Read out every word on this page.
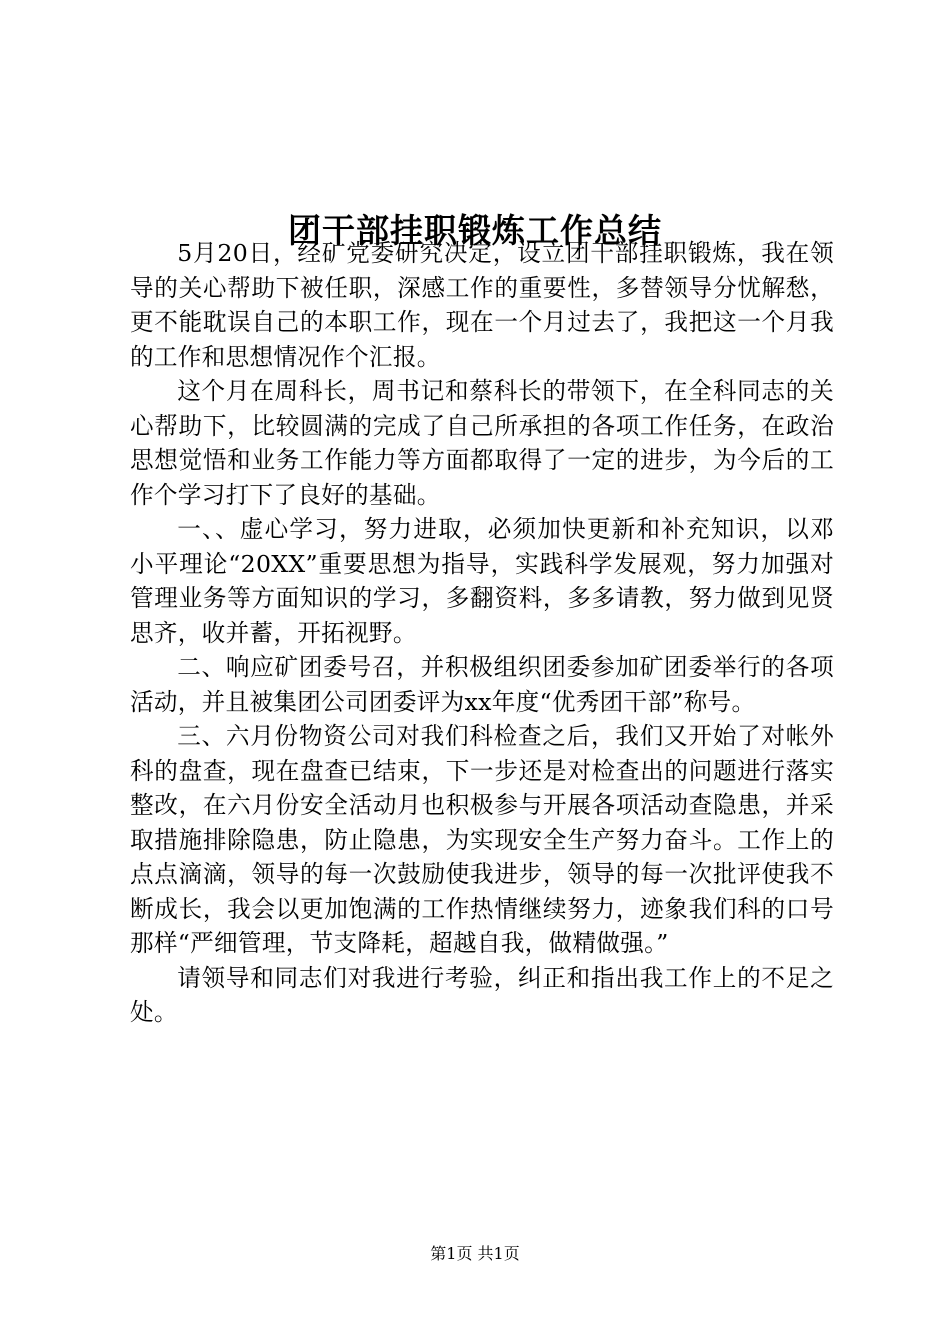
团干部挂职锻炼工作总结

5月20日，经矿党委研究决定，设立团干部挂职锻炼，我在领导的关心帮助下被任职，深感工作的重要性，多替领导分忧解愁，更不能耽误自己的本职工作，现在一个月过去了，我把这一个月我的工作和思想情况作个汇报。

这个月在周科长，周书记和蔡科长的带领下，在全科同志的关心帮助下，比较圆满的完成了自己所承担的各项工作任务，在政治思想觉悟和业务工作能力等方面都取得了一定的进步，为今后的工作个学习打下了良好的基础。

一、、虚心学习，努力进取，必须加快更新和补充知识，以邓小平理论“20XX”重要思想为指导，实践科学发展观，努力加强对管理业务等方面知识的学习，多翻资料，多多请教，努力做到见贤思齐，收并蓄，开拓视野。

二、响应矿团委号召，并积极组织团委参加矿团委举行的各项活动，并且被集团公司团委评为xx年度“优秀团干部”称号。

三、六月份物资公司对我们科检查之后，我们又开始了对帐外科的盘查，现在盘查已结束，下一步还是对检查出的问题进行落实整改，在六月份安全活动月也积极参与开展各项活动查隐患，并采取措施排除隐患，防止隐患，为实现安全生产努力奋斗。工作上的点点滴滴，领导的每一次鼓励使我进步，领导的每一次批评使我不断成长，我会以更加饱满的工作热情继续努力，迹象我们科的口号那样“严细管理，节支降耗，超越自我，做精做强。”

请领导和同志们对我进行考验，纠正和指出我工作上的不足之处。

第1页 共1页
